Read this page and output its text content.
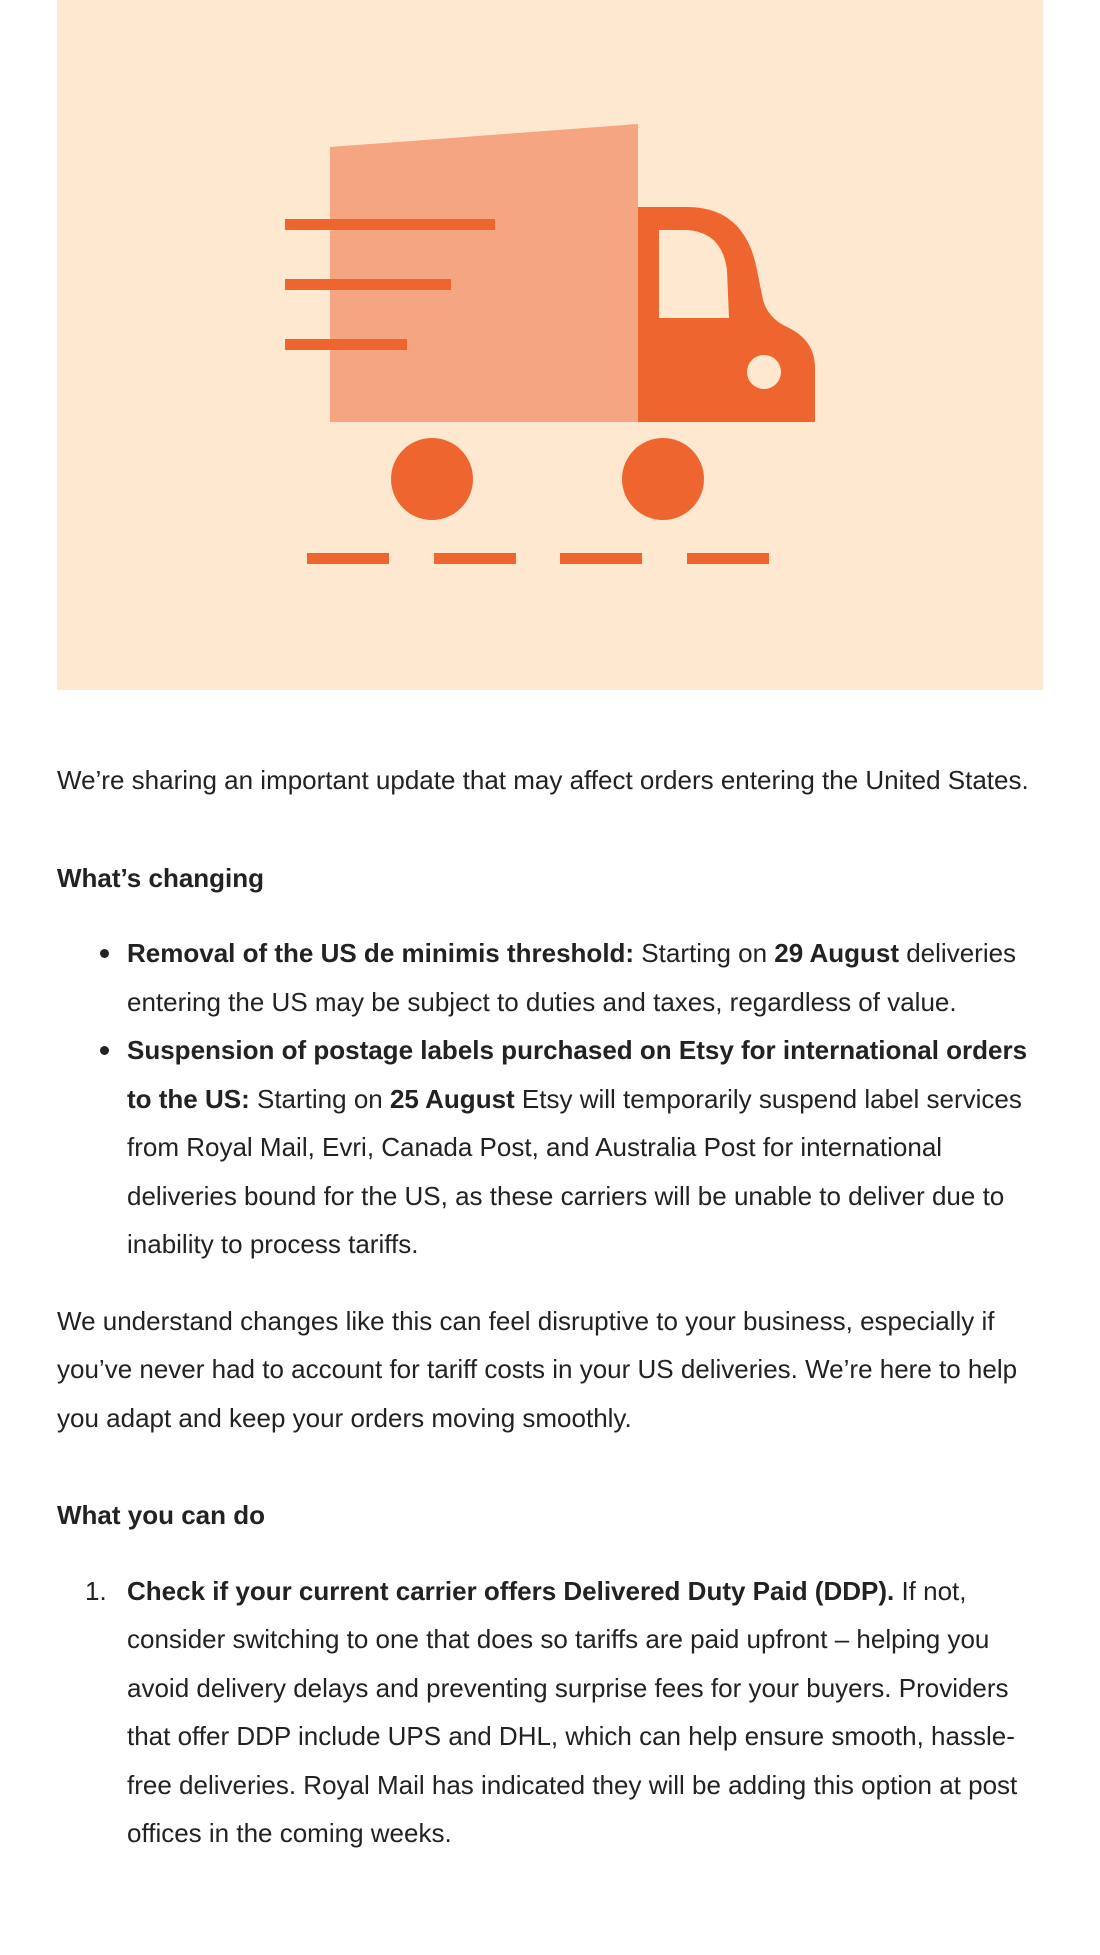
We’re sharing an important update that may affect orders entering the United States.

What’s changing

Removal of the US de minimis threshold: Starting on 29 August deliveries entering the US may be subject to duties and taxes, regardless of value.
Suspension of postage labels purchased on Etsy for international orders to the US: Starting on 25 August Etsy will temporarily suspend label services from Royal Mail, Evri, Canada Post, and Australia Post for international deliveries bound for the US, as these carriers will be unable to deliver due to inability to process tariffs.

We understand changes like this can feel disruptive to your business, especially if you’ve never had to account for tariff costs in your US deliveries. We’re here to help you adapt and keep your orders moving smoothly.

What you can do

1. Check if your current carrier offers Delivered Duty Paid (DDP). If not, consider switching to one that does so tariffs are paid upfront – helping you avoid delivery delays and preventing surprise fees for your buyers. Providers that offer DDP include UPS and DHL, which can help ensure smooth, hassle-free deliveries. Royal Mail has indicated they will be adding this option at post offices in the coming weeks.
